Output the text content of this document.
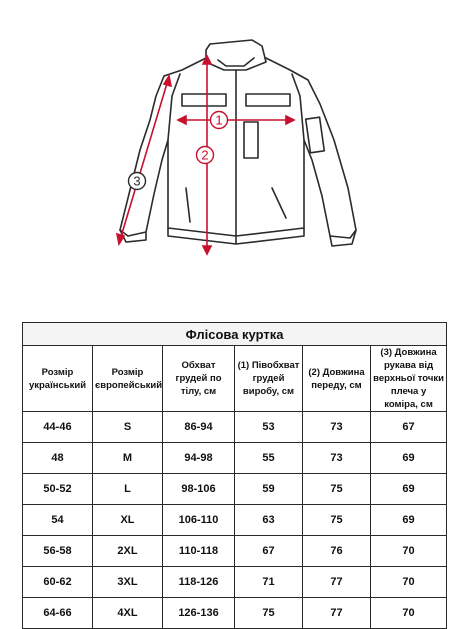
1
2
3
Флісова куртка					
Розмір український	Розмір європейський	Обхват грудей по тілу, см	(1) Півобхват грудей виробу, см	(2) Довжина переду, см	(3) Довжина рукава від верхньої точки плеча у коміра, см
44-46	S	86-94	53	73	67
48	M	94-98	55	73	69
50-52	L	98-106	59	75	69
54	XL	106-110	63	75	69
56-58	2XL	110-118	67	76	70
60-62	3XL	118-126	71	77	70
64-66	4XL	126-136	75	77	70
